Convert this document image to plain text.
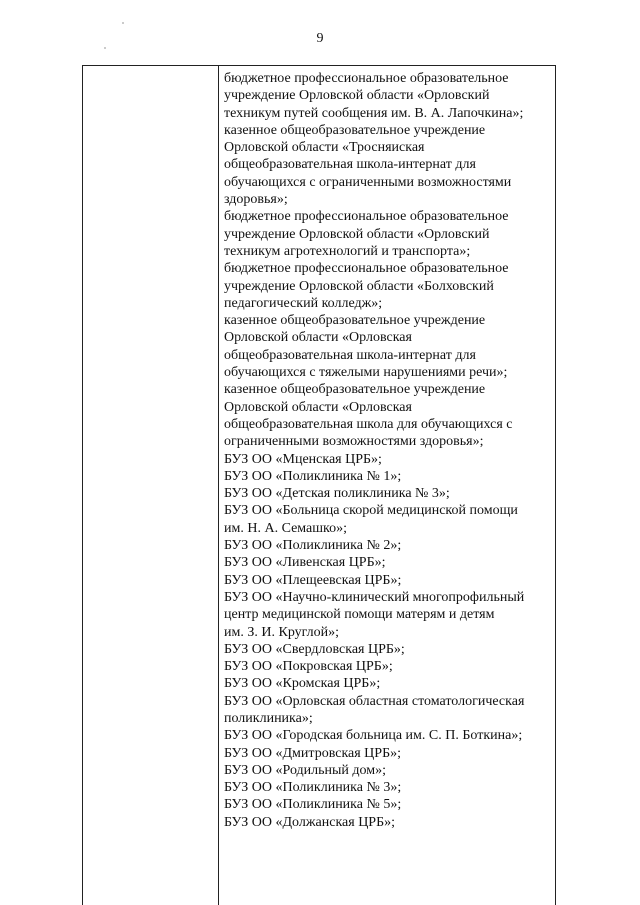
9
бюджетное профессиональное образовательное
учреждение Орловской области «Орловский
техникум путей сообщения им. В. А. Лапочкина»;
казенное общеобразовательное учреждение
Орловской области «Тросняиская
общеобразовательная школа-интернат для
обучающихся с ограниченными возможностями
здоровья»;
бюджетное профессиональное образовательное
учреждение Орловской области «Орловский
техникум агротехнологий и транспорта»;
бюджетное профессиональное образовательное
учреждение Орловской области «Болховский
педагогический колледж»;
казенное общеобразовательное учреждение
Орловской области «Орловская
общеобразовательная школа-интернат для
обучающихся с тяжелыми нарушениями речи»;
казенное общеобразовательное учреждение
Орловской области «Орловская
общеобразовательная школа для обучающихся с
ограниченными возможностями здоровья»;
БУЗ ОО «Мценская ЦРБ»;
БУЗ ОО «Поликлиника № 1»;
БУЗ ОО «Детская поликлиника № 3»;
БУЗ ОО «Больница скорой медицинской помощи
им. Н. А. Семашко»;
БУЗ ОО «Поликлиника № 2»;
БУЗ ОО «Ливенская ЦРБ»;
БУЗ ОО «Плещеевская ЦРБ»;
БУЗ ОО «Научно-клинический многопрофильный
центр медицинской помощи матерям и детям
им. З. И. Круглой»;
БУЗ ОО «Свердловская ЦРБ»;
БУЗ ОО «Покровская ЦРБ»;
БУЗ ОО «Кромская ЦРБ»;
БУЗ ОО «Орловская областная стоматологическая
поликлиника»;
БУЗ ОО «Городская больница им. С. П. Боткина»;
БУЗ ОО «Дмитровская ЦРБ»;
БУЗ ОО «Родильный дом»;
БУЗ ОО «Поликлиника № 3»;
БУЗ ОО «Поликлиника № 5»;
БУЗ ОО «Должанская ЦРБ»;
